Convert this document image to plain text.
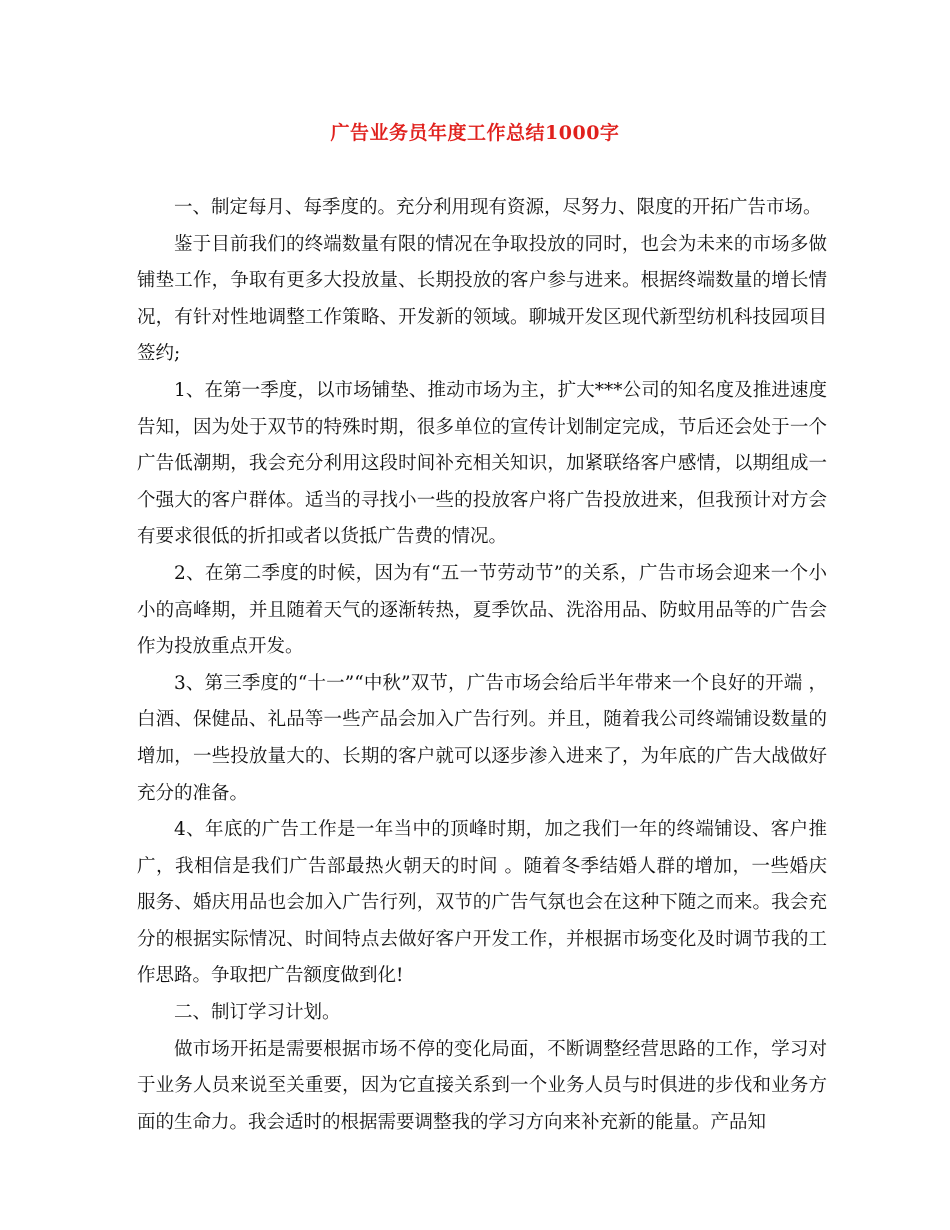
广告业务员年度工作总结1000字

一、制定每月、每季度的。充分利用现有资源，尽努力、限度的开拓广告市场。

鉴于目前我们的终端数量有限的情况在争取投放的同时，也会为未来的市场多做铺垫工作，争取有更多大投放量、长期投放的客户参与进来。根据终端数量的增长情况，有针对性地调整工作策略、开发新的领域。聊城开发区现代新型纺机科技园项目签约;

1、在第一季度，以市场铺垫、推动市场为主，扩大***公司的知名度及推进速度告知，因为处于双节的特殊时期，很多单位的宣传计划制定完成，节后还会处于一个广告低潮期，我会充分利用这段时间补充相关知识，加紧联络客户感情，以期组成一个强大的客户群体。适当的寻找小一些的投放客户将广告投放进来，但我预计对方会有要求很低的折扣或者以货抵广告费的情况。

2、在第二季度的时候，因为有“五一节劳动节”的关系，广告市场会迎来一个小小的高峰期，并且随着天气的逐渐转热，夏季饮品、洗浴用品、防蚊用品等的广告会作为投放重点开发。

3、第三季度的“十一”“中秋”双节，广告市场会给后半年带来一个良好的开端 ，白酒、保健品、礼品等一些产品会加入广告行列。并且，随着我公司终端铺设数量的增加，一些投放量大的、长期的客户就可以逐步渗入进来了，为年底的广告大战做好充分的准备。

4、年底的广告工作是一年当中的顶峰时期，加之我们一年的终端铺设、客户推广，我相信是我们广告部最热火朝天的时间 。随着冬季结婚人群的增加，一些婚庆服务、婚庆用品也会加入广告行列，双节的广告气氛也会在这种下随之而来。我会充分的根据实际情况、时间特点去做好客户开发工作，并根据市场变化及时调节我的工作思路。争取把广告额度做到化!

二、制订学习计划。

做市场开拓是需要根据市场不停的变化局面，不断调整经营思路的工作，学习对于业务人员来说至关重要，因为它直接关系到一个业务人员与时俱进的步伐和业务方面的生命力。我会适时的根据需要调整我的学习方向来补充新的能量。产品知
